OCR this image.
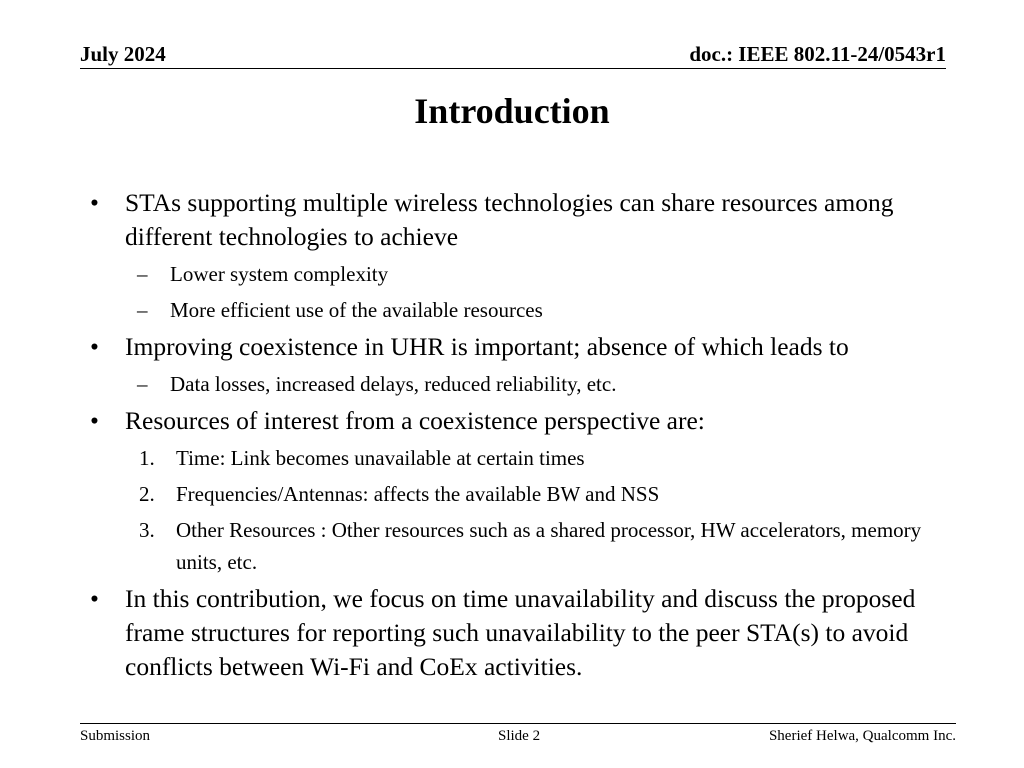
July 2024	doc.: IEEE 802.11-24/0543r1
Introduction
• STAs supporting multiple wireless technologies can share resources among different technologies to achieve
– Lower system complexity
– More efficient use of the available resources
• Improving coexistence in UHR is important; absence of which leads to
– Data losses, increased delays, reduced reliability, etc.
• Resources of interest from a coexistence perspective are:
1. Time: Link becomes unavailable at certain times
2. Frequencies/Antennas: affects the available BW and NSS
3. Other Resources : Other resources such as a shared processor, HW accelerators, memory units, etc.
• In this contribution, we focus on time unavailability and discuss the proposed frame structures for reporting such unavailability to the peer STA(s) to avoid conflicts between Wi-Fi and CoEx activities.
Submission	Slide 2	Sherief Helwa, Qualcomm Inc.
